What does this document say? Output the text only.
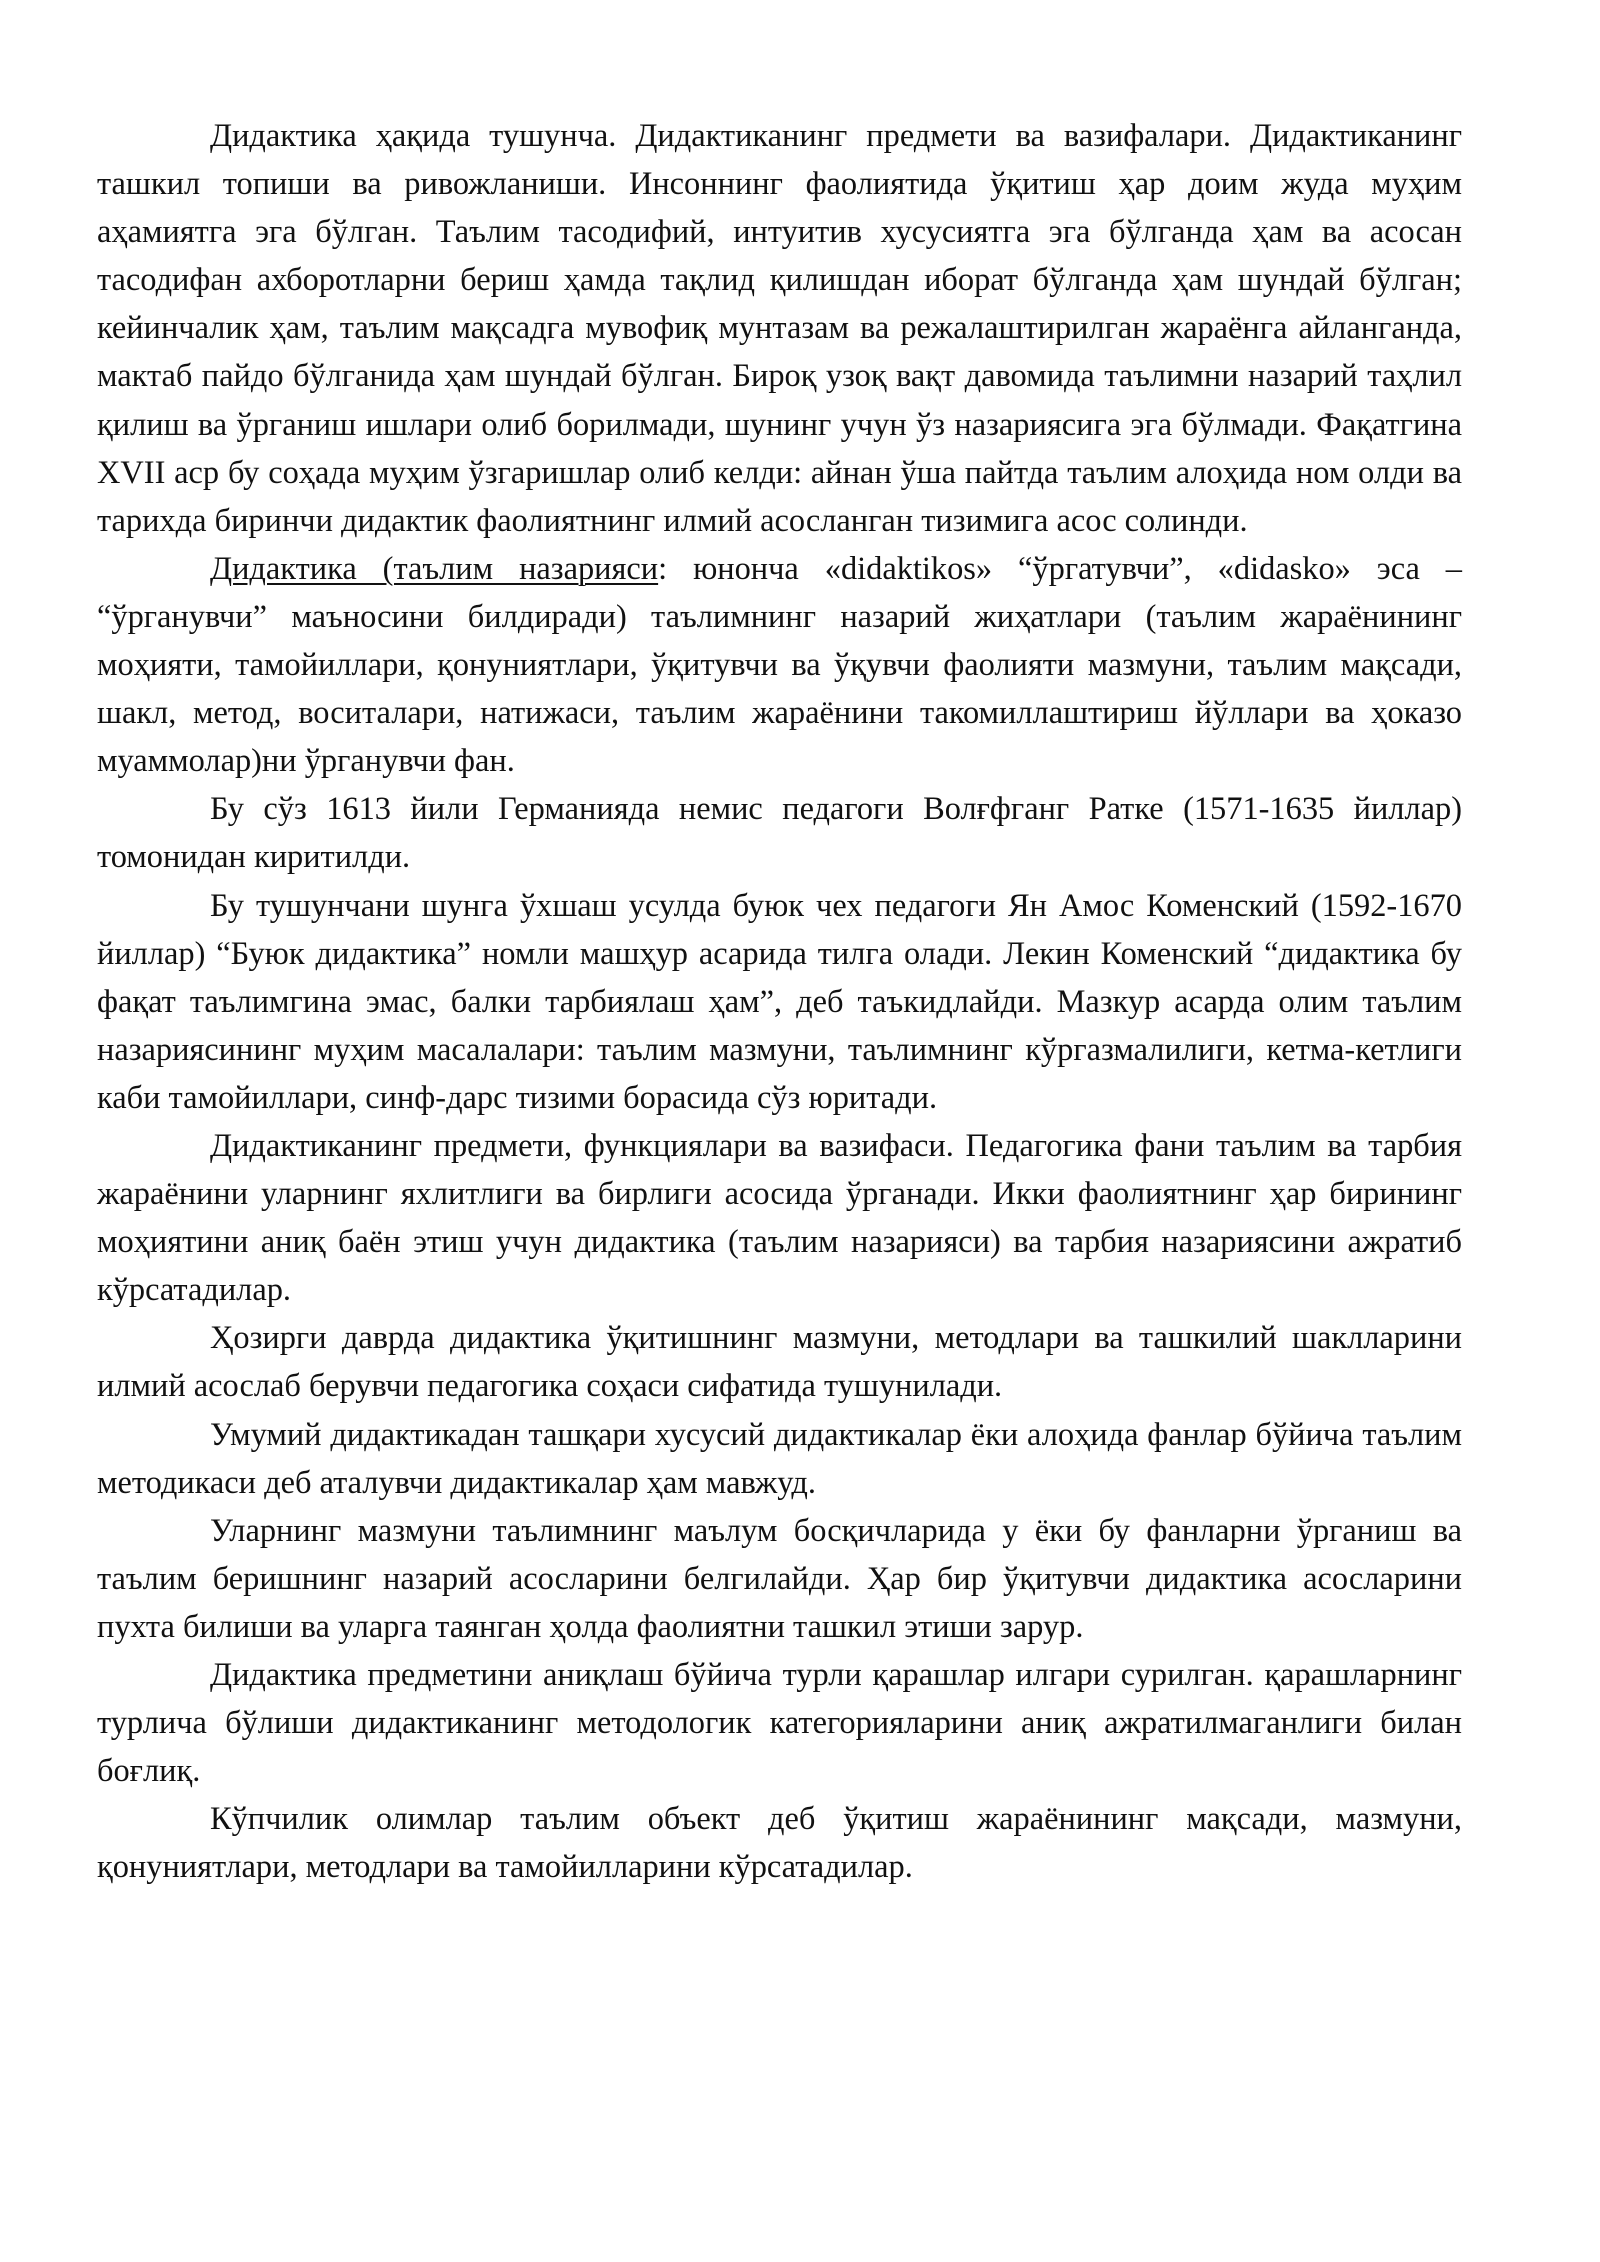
Дидактика ҳақида тушунча. Дидактиканинг предмети ва вазифалари. Дидактиканинг ташкил топиши ва ривожланиши. Инсоннинг фаолиятида ўқитиш ҳар доим жуда муҳим аҳамиятга эга бўлган. Таълим тасодифий, интуитив хусусиятга эга бўлганда ҳам ва асосан тасодифан ахборотларни бериш ҳамда тақлид қилишдан иборат бўлганда ҳам шундай бўлган; кейинчалик ҳам, таълим мақсадга мувофиқ мунтазам ва режалаштирилган жараёнга айланганда, мактаб пайдо бўлганида ҳам шундай бўлган. Бироқ узоқ вақт давомида таълимни назарий таҳлил қилиш ва ўрганиш ишлари олиб борилмади, шунинг учун ўз назариясига эга бўлмади. Фақатгина XVII аср бу соҳада муҳим ўзгаришлар олиб келди: айнан ўша пайтда таълим алоҳида ном олди ва тарихда биринчи дидактик фаолиятнинг илмий асосланган тизимига асос солинди.

Дидактика (таълим назарияси: юнонча «didaktikos» “ўргатувчи”, «didasko» эса – “ўрганувчи” маъносини билдиради) таълимнинг назарий жиҳатлари (таълим жараёнининг моҳияти, тамойиллари, қонуниятлари, ўқитувчи ва ўқувчи фаолияти мазмуни, таълим мақсади, шакл, метод, воситалари, натижаси, таълим жараёнини такомиллаштириш йўллари ва ҳоказо муаммолар)ни ўрганувчи фан.

Бу сўз 1613 йили Германияда немис педагоги Волғфганг Ратке (1571-1635 йиллар) томонидан киритилди.

Бу тушунчани шунга ўхшаш усулда буюк чех педагоги Ян Амос Коменский (1592-1670 йиллар) “Буюк дидактика” номли машҳур асарида тилга олади. Лекин Коменский “дидактика бу фақат таълимгина эмас, балки тарбиялаш ҳам”, деб таъкидлайди. Мазкур асарда олим таълим назариясининг муҳим масалалари: таълим мазмуни, таълимнинг кўргазмалилиги, кетма-кетлиги каби тамойиллари, синф-дарс тизими борасида сўз юритади.

Дидактиканинг предмети, функциялари ва вазифаси. Педагогика фани таълим ва тарбия жараёнини уларнинг яхлитлиги ва бирлиги асосида ўрганади. Икки фаолиятнинг ҳар бирининг моҳиятини аниқ баён этиш учун дидактика (таълим назарияси) ва тарбия назариясини ажратиб кўрсатадилар.

Ҳозирги даврда дидактика ўқитишнинг мазмуни, методлари ва ташкилий шаклларини илмий асослаб берувчи педагогика соҳаси сифатида тушунилади.

Умумий дидактикадан ташқари хусусий дидактикалар ёки алоҳида фанлар бўйича таълим методикаси деб аталувчи дидактикалар ҳам мавжуд.

Уларнинг мазмуни таълимнинг маълум босқичларида у ёки бу фанларни ўрганиш ва таълим беришнинг назарий асосларини белгилайди. Ҳар бир ўқитувчи дидактика асосларини пухта билиши ва уларга таянган ҳолда фаолиятни ташкил этиши зарур.

Дидактика предметини аниқлаш бўйича турли қарашлар илгари сурилган. қарашларнинг турлича бўлиши дидактиканинг методологик категорияларини аниқ ажратилмаганлиги билан боғлиқ.

Кўпчилик олимлар таълим объект деб ўқитиш жараёнининг мақсади, мазмуни, қонуниятлари, методлари ва тамойилларини кўрсатадилар.
